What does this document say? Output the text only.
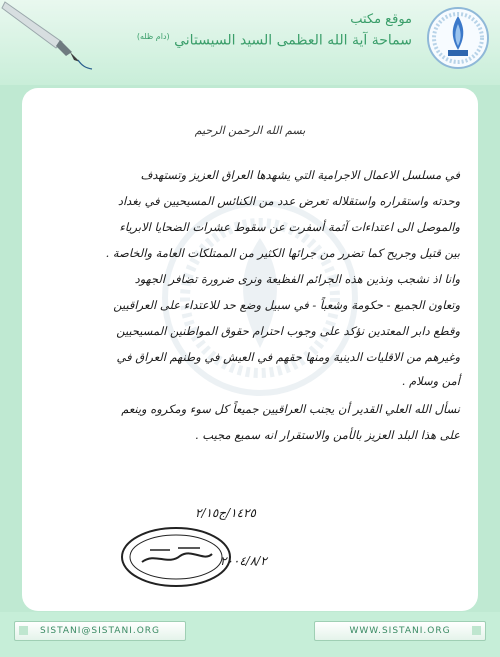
موقع مكتب
سماحة آية الله العظمى السيد السيستاني $^{(دام ظله)}$
بسم الله الرحمن الرحيم
في مسلسل الاعمال الاجرامية التي يشهدها العراق العزيز وتستهدف
وحدته واستقراره واستقلاله تعرض عدد من الكنائس المسيحيين في بغداد
والموصل الى اعتداءات آثمة أسفرت عن سقوط عشرات الضحايا الابرياء
بين قتيل وجريح كما تضرر من جرائها الكثير من الممتلكات العامة والخاصة .
وانا اذ نشجب ونذين هذه الجرائم الفظيعة ونرى ضرورة تضافر الجهود
وتعاون الجميع - حكومة وشعباً - في سبيل وضع حد للاعتداء على العراقيين
وقطع دابر المعتدين نؤكد على وجوب احترام حقوق المواطنين المسيحيين
وغيرهم من الاقليات الدينية ومنها حقهم في العيش في وطنهم العراق في
أمن وسلام .
نسأل الله العلي القدير أن يجنب العراقيين جميعاً كل سوء ومكروه وينعم
على هذا البلد العزيز بالأمن والاستقرار انه سميع مجيب .
١٤٢٥/ج٢/١٥
٢٠٠٤/٨/٢
SISTANI@SISTANI.ORG	WWW.SISTANI.ORG
